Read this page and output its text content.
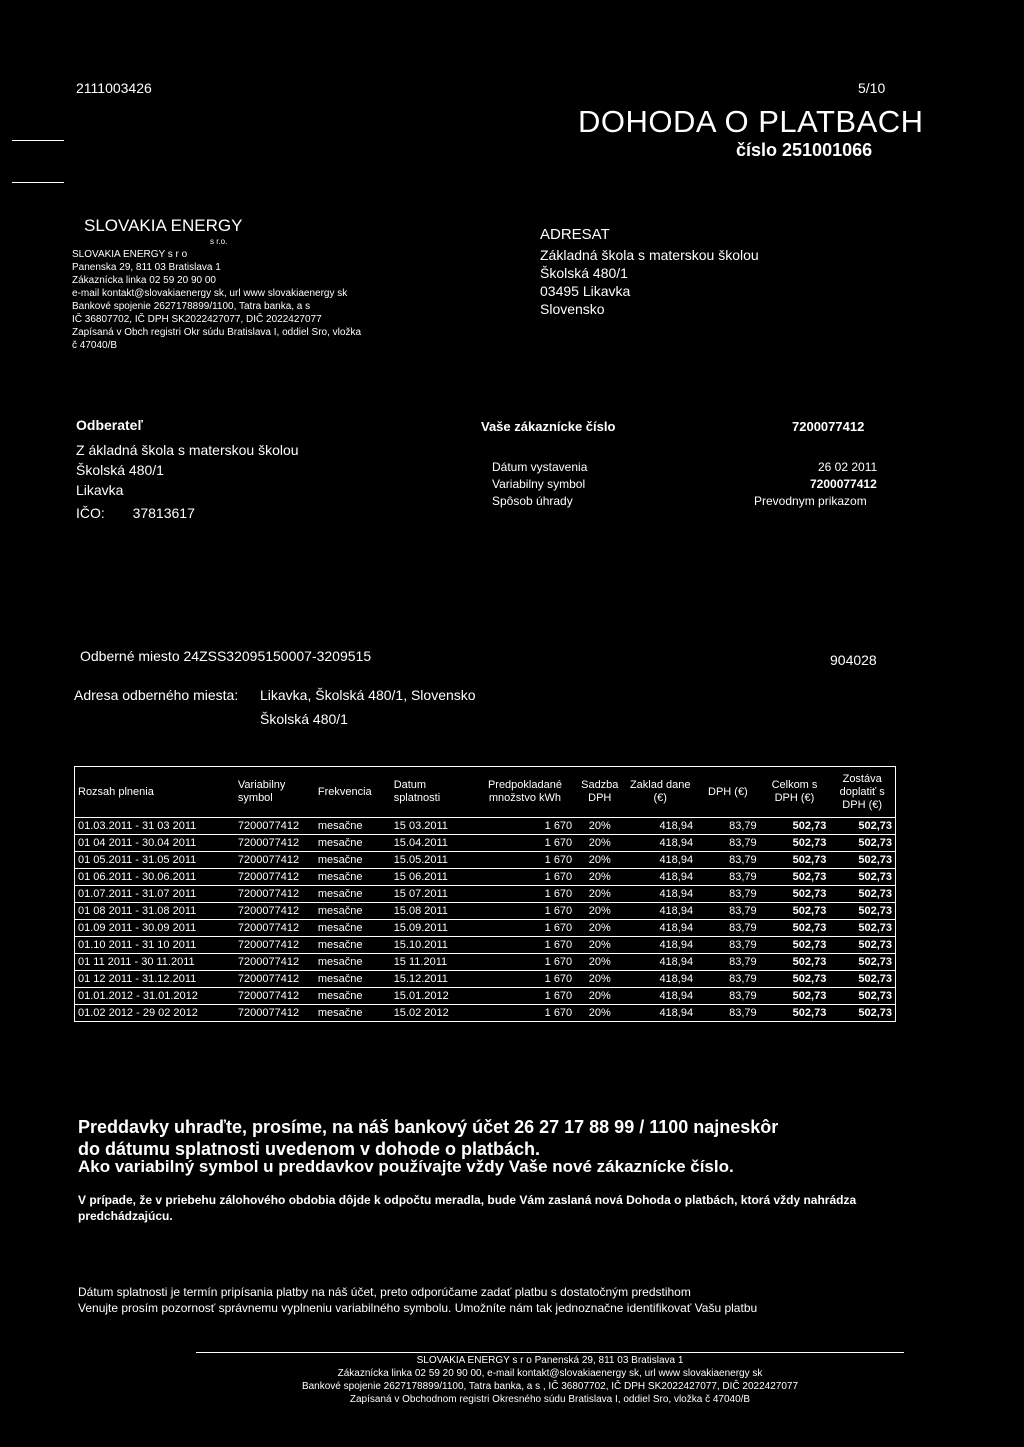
2111003426	5/10
DOHODA O PLATBACH
číslo 251001066
SLOVAKIA ENERGY
s r.o.
SLOVAKIA ENERGY s r o
Panenska 29, 811 03 Bratislava 1
Zákaznícka linka 02 59 20 90 00
e-mail kontakt@slovakiaenergy sk, url www slovakiaenergy sk
Bankové spojenie 2627178899/1100, Tatra banka, a s
IČ 36807702, IČ DPH SK2022427077, DIČ 2022427077
Zapísaná v Obch registri Okr súdu Bratislava I, oddiel Sro, vložka
č 47040/B
ADRESAT
Základná škola s materskou školou
Školská 480/1
03495 Likavka
Slovensko
Odberateľ
Z ákladná škola s materskou školou
Školská 480/1
Likavka
IČO: 37813617
Vaše zákaznícke číslo	7200077412
Dátum vystavenia	26 02 2011
Variabilny symbol	7200077412
Spôsob úhrady	Prevodnym prikazom
Odberné miesto 24ZSS32095150007-3209515	904028
Adresa odberného miesta: Likavka, Školská 480/1, Slovensko
Školská 480/1
Rozsah plnenia	Variabilny symbol	Frekvencia	Datum splatnosti	Predpokladané množstvo kWh	Sadzba DPH	Zaklad dane (€)	DPH (€)	Celkom s DPH (€)	Zostáva doplatiť s DPH (€)
01.03.2011 - 31 03 2011	7200077412	mesačne	15 03.2011	1 670	20%	418,94	83,79	502,73	502,73
01 04 2011 - 30.04 2011	7200077412	mesačne	15.04.2011	1 670	20%	418,94	83,79	502,73	502,73
01 05.2011 - 31.05 2011	7200077412	mesačne	15.05.2011	1 670	20%	418,94	83,79	502,73	502,73
01 06.2011 - 30.06.2011	7200077412	mesačne	15 06.2011	1 670	20%	418,94	83,79	502,73	502,73
01.07.2011 - 31.07 2011	7200077412	mesačne	15 07.2011	1 670	20%	418,94	83,79	502,73	502,73
01 08 2011 - 31.08 2011	7200077412	mesačne	15.08 2011	1 670	20%	418,94	83,79	502,73	502,73
01.09 2011 - 30.09 2011	7200077412	mesačne	15.09.2011	1 670	20%	418,94	83,79	502,73	502,73
01.10 2011 - 31 10 2011	7200077412	mesačne	15.10.2011	1 670	20%	418,94	83,79	502,73	502,73
01 11 2011 - 30 11.2011	7200077412	mesačne	15 11.2011	1 670	20%	418,94	83,79	502,73	502,73
01 12 2011 - 31.12.2011	7200077412	mesačne	15.12.2011	1 670	20%	418,94	83,79	502,73	502,73
01.01.2012 - 31.01.2012	7200077412	mesačne	15.01.2012	1 670	20%	418,94	83,79	502,73	502,73
01.02 2012 - 29 02 2012	7200077412	mesačne	15.02 2012	1 670	20%	418,94	83,79	502,73	502,73
Preddavky uhraďte, prosíme, na náš bankový účet 26 27 17 88 99 / 1100 najneskôr
do dátumu splatnosti uvedenom v dohode o platbách.
Ako variabilný symbol u preddavkov používajte vždy Vaše nové zákaznícke číslo.
V prípade, že v priebehu zálohového obdobia dôjde k odpočtu meradla, bude Vám zaslaná nová Dohoda o platbách, ktorá vždy nahrádza predchádzajúcu.
Dátum splatnosti je termín pripísania platby na náš účet, preto odporúčame zadať platbu s dostatočným predstihom
Venujte prosím pozornosť správnemu vyplneniu variabilného symbolu. Umožníte nám tak jednoznačne identifikovať Vašu platbu
SLOVAKIA ENERGY s r o Panenská 29, 811 03 Bratislava 1
Zákaznícka linka 02 59 20 90 00, e-mail kontakt@slovakiaenergy sk, url www slovakiaenergy sk
Bankové spojenie 2627178899/1100, Tatra banka, a s , IČ 36807702, IČ DPH SK2022427077, DIČ 2022427077
Zapísaná v Obchodnom registri Okresného súdu Bratislava I, oddiel Sro, vložka č 47040/B
